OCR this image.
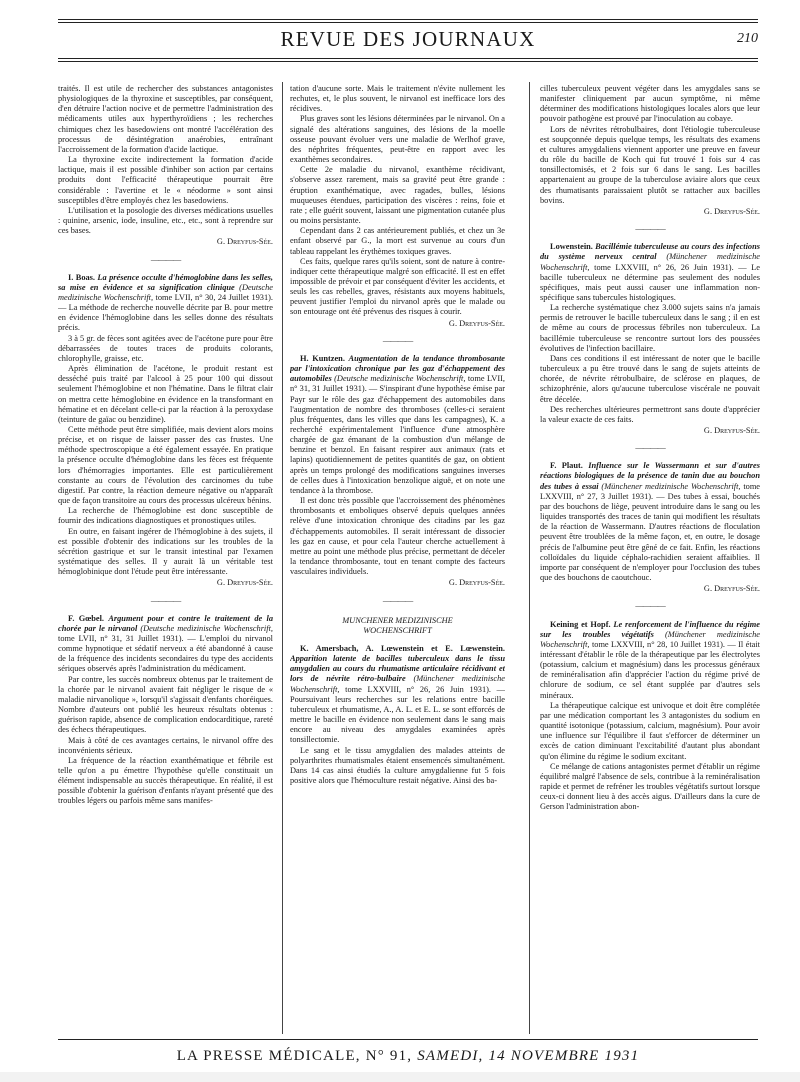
REVUE DES JOURNAUX	210

traités. Il est utile de rechercher des substances antagonistes physiologiques de la thyroxine et susceptibles, par conséquent, d'en détruire l'action nocive et de permettre l'administration des médicaments utiles aux hyperthyroïdiens ; les recherches chimiques chez les basedowiens ont montré l'accélération des processus de désintégration anaérobies, entraînant l'accroissement de la formation d'acide lactique.

La thyroxine excite indirectement la formation d'acide lactique, mais il est possible d'inhiber son action par certains produits dont l'efficacité thérapeutique pourrait être considérable : l'avertine et le « néodorme » sont ainsi susceptibles d'être employés chez les basedowiens.

L'utilisation et la posologie des diverses médications usuelles : quinine, arsenic, iode, insuline, etc., etc., sont à reprendre sur ces bases.

G. Dreyfus-Sée.

————

I. Boas. La présence occulte d'hémoglobine dans les selles, sa mise en évidence et sa signification clinique (Deutsche medizinische Wochenschrift, tome LVII, n° 30, 24 Juillet 1931). — La méthode de recherche nouvelle décrite par B. pour mettre en évidence l'hémoglobine dans les selles donne des résultats précis.

3 à 5 gr. de fèces sont agitées avec de l'acétone pure pour être débarrassées de toutes traces de produits colorants, chlorophylle, graisse, etc.

Après élimination de l'acétone, le produit restant est desséché puis traité par l'alcool à 25 pour 100 qui dissout seulement l'hémoglobine et non l'hématine. Dans le filtrat clair on mettra cette hémoglobine en évidence en la transformant en hématine et en décelant celle-ci par la réaction à la peroxydase (teinture de gaïac ou benzidine).

Cette méthode peut être simplifiée, mais devient alors moins précise, et on risque de laisser passer des cas frustes. Une méthode spectroscopique a été également essayée. En pratique la présence occulte d'hémoglobine dans les fèces est fréquente lors d'hémorragies importantes. Elle est particulièrement constante au cours de l'évolution des carcinomes du tube digestif. Par contre, la réaction demeure négative ou n'apparaît que de façon transitoire au cours des processus ulcéreux bénins.

La recherche de l'hémoglobine est donc susceptible de fournir des indications diagnostiques et pronostiques utiles.

En outre, en faisant ingérer de l'hémoglobine à des sujets, il est possible d'obtenir des indications sur les troubles de la sécrétion gastrique et sur le transit intestinal par l'examen systématique des selles. Il y aurait là un véritable test hémoglobinique dont l'étude peut être intéressante.

G. Dreyfus-Sée.

————

F. Gœbel. Argument pour et contre le traitement de la chorée par le nirvanol (Deutsche medizinische Wochenschrift, tome LVII, n° 31, 31 Juillet 1931). — L'emploi du nirvanol comme hypnotique et sédatif nerveux a été abandonné à cause de la fréquence des incidents secondaires du type des accidents sériques observés après l'administration du médicament.

Par contre, les succès nombreux obtenus par le traitement de la chorée par le nirvanol avaient fait négliger le risque de « maladie nirvanolique », lorsqu'il s'agissait d'enfants choréiques. Nombre d'auteurs ont publié les heureux résultats obtenus : guérison rapide, absence de complication endocarditique, rareté des échecs thérapeutiques.

Mais à côté de ces avantages certains, le nirvanol offre des inconvénients sérieux.

La fréquence de la réaction exanthématique et fébrile est telle qu'on a pu émettre l'hypothèse qu'elle constituait un élément indispensable au succès thérapeutique. En réalité, il est possible d'obtenir la guérison d'enfants n'ayant présenté que des troubles légers ou parfois même sans manifes-

tation d'aucune sorte. Mais le traitement n'évite nullement les rechutes, et, le plus souvent, le nirvanol est inefficace lors des récidives.

Plus graves sont les lésions déterminées par le nirvanol. On a signalé des altérations sanguines, des lésions de la moelle osseuse pouvant évoluer vers une maladie de Werlhof grave, des néphrites fréquentes, peut-être en rapport avec les exanthèmes secondaires.

Cette 2e maladie du nirvanol, exanthème récidivant, s'observe assez rarement, mais sa gravité peut être grande : éruption exanthématique, avec ragades, bulles, lésions muqueuses étendues, participation des viscères : reins, foie et rate ; elle guérit souvent, laissant une pigmentation cutanée plus ou moins persistante.

Cependant dans 2 cas antérieurement publiés, et chez un 3e enfant observé par G., la mort est survenue au cours d'un tableau rappelant les érythèmes toxiques graves.

Ces faits, quelque rares qu'ils soient, sont de nature à contre-indiquer cette thérapeutique malgré son efficacité. Il est en effet impossible de prévoir et par conséquent d'éviter les accidents, et seuls les cas rebelles, graves, résistants aux moyens habituels, peuvent justifier l'emploi du nirvanol après que le malade ou son entourage ont été prévenus des risques à courir.

G. Dreyfus-Sée.

————

H. Kuntzen. Augmentation de la tendance thrombosante par l'intoxication chronique par les gaz d'échappement des automobiles (Deutsche medizinische Wochenschrift, tome LVII, n° 31, 31 Juillet 1931). — S'inspirant d'une hypothèse émise par Payr sur le rôle des gaz d'échappement des automobiles dans l'augmentation de nombre des thromboses (celles-ci seraient plus fréquentes, dans les villes que dans les campagnes), K. a recherché expérimentalement l'influence d'une atmosphère chargée de gaz émanant de la combustion d'un mélange de benzine et benzol. En faisant respirer aux animaux (rats et lapins) quotidiennement de petites quantités de gaz, on obtient après un temps prolongé des modifications sanguines inverses de celles dues à l'intoxication benzolique aiguë, et on note une tendance à la thrombose.

Il est donc très possible que l'accroissement des phénomènes thrombosants et emboliques observé depuis quelques années relève d'une intoxication chronique des citadins par les gaz d'échappements automobiles. Il serait intéressant de dissocier les gaz en cause, et pour cela l'auteur cherche actuellement à mettre au point une méthode plus précise, permettant de déceler la tendance thrombosante, tout en tenant compte des facteurs vasculaires individuels.

G. Dreyfus-Sée.

————

MUNCHENER MEDIZINISCHE

WOCHENSCHRIFT

K. Amersbach, A. Lœwenstein et E. Lœwenstein. Apparition latente de bacilles tuberculeux dans le tissu amygdalien au cours du rhumatisme articulaire récidivant et lors de névrite rétro-bulbaire (Münchener medizinische Wochenschrift, tome LXXVIII, n° 26, 26 Juin 1931). — Poursuivant leurs recherches sur les relations entre bacille tuberculeux et rhumatisme, A., A. L. et E. L. se sont efforcés de mettre le bacille en évidence non seulement dans le sang mais encore au niveau des amygdales examinées après tonsillectomie.

Le sang et le tissu amygdalien des malades atteints de polyarthrites rhumatismales étaient ensemencés simultanément. Dans 14 cas ainsi étudiés la culture amygdalienne fut 5 fois positive alors que l'hémoculture restait négative. Ainsi des ba-

cilles tuberculeux peuvent végéter dans les amygdales sans se manifester cliniquement par aucun symptôme, ni même déterminer des modifications histologiques locales alors que leur pouvoir pathogène est prouvé par l'inoculation au cobaye.

Lors de névrites rétrobulbaires, dont l'étiologie tuberculeuse est soupçonnée depuis quelque temps, les résultats des examens et cultures amygdaliens viennent apporter une preuve en faveur du rôle du bacille de Koch qui fut trouvé 1 fois sur 4 cas tonsillectomisés, et 2 fois sur 6 dans le sang. Les bacilles appartenaient au groupe de la tuberculose aviaire alors que ceux des rhumatisants paraissaient plutôt se rattacher aux bacilles bovins.

G. Dreyfus-Sée.

————

Lowenstein. Bacillémie tuberculeuse au cours des infections du système nerveux central (Münchener medizinische Wochenschrift, tome LXXVIII, n° 26, 26 Juin 1931). — Le bacille tuberculeux ne détermine pas seulement des nodules spécifiques, mais peut aussi causer une inflammation non-spécifique sans tubercules histologiques.

La recherche systématique chez 3.000 sujets sains n'a jamais permis de retrouver le bacille tuberculeux dans le sang ; il en est de même au cours de processus fébriles non tuberculeux. La bacillémie tuberculeuse se rencontre surtout lors des poussées évolutives de l'infection bacillaire.

Dans ces conditions il est intéressant de noter que le bacille tuberculeux a pu être trouvé dans le sang de sujets atteints de chorée, de névrite rétrobulbaire, de sclérose en plaques, de schizophrénie, alors qu'aucune tuberculose viscérale ne pouvait être décelée.

Des recherches ultérieures permettront sans doute d'apprécier la valeur exacte de ces faits.

G. Dreyfus-Sée.

————

F. Plaut. Influence sur le Wassermann et sur d'autres réactions biologiques de la présence de tanin due au bouchon des tubes à essai (Münchener medizinische Wochenschrift, tome LXXVIII, n° 27, 3 Juillet 1931). — Des tubes à essai, bouchés par des bouchons de liège, peuvent introduire dans le sang ou les liquides transportés des traces de tanin qui modifient les résultats de la réaction de Wassermann. D'autres réactions de floculation peuvent être troublées de la même façon, et, en outre, le dosage précis de l'albumine peut être gêné de ce fait. Enfin, les réactions colloïdales du liquide céphalo-rachidien seraient affaiblies. Il importe par conséquent de n'employer pour l'occlusion des tubes que des bouchons de caoutchouc.

G. Dreyfus-Sée.

————

Keining et Hopf. Le renforcement de l'influence du régime sur les troubles végétatifs (Münchener medizinische Wochenschrift, tome LXXVIII, n° 28, 10 Juillet 1931). — Il était intéressant d'établir le rôle de la thérapeutique par les électrolytes (potassium, calcium et magnésium) dans les processus généraux de reminéralisation afin d'apprécier l'action du régime privé de chlorure de sodium, ce sel étant supplée par d'autres sels minéraux.

La thérapeutique calcique est univoque et doit être complétée par une médication comportant les 3 antagonistes du sodium en quantité isotonique (potassium, calcium, magnésium). Pour avoir une influence sur l'équilibre il faut s'efforcer de déterminer un excès de cation diminuant l'excitabilité d'autant plus abondant qu'on élimine du régime le sodium excitant.

Ce mélange de cations antagonistes permet d'établir un régime équilibré malgré l'absence de sels, contribue à la reminéralisation rapide et permet de refréner les troubles végétatifs surtout lorsque ceux-ci donnent lieu à des accès aigus. D'ailleurs dans la cure de Gerson l'administration abon-

LA PRESSE MÉDICALE, N° 91, SAMEDI, 14 NOVEMBRE 1931
